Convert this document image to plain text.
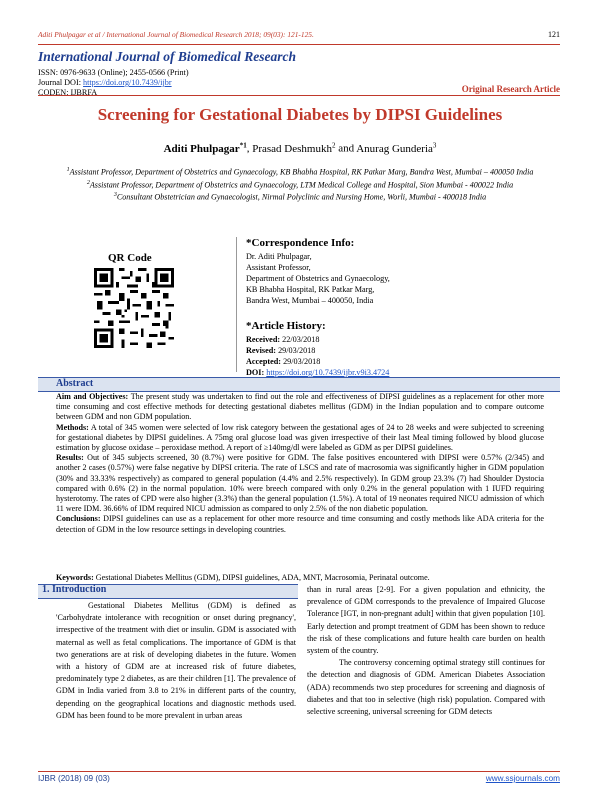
Aditi Phulpagar et al / International Journal of Biomedical Research 2018; 09(03): 121-125.	121
International Journal of Biomedical Research
ISSN: 0976-9633 (Online); 2455-0566 (Print)
Journal DOI: https://doi.org/10.7439/ijbr
CODEN: IJBRFA	Original Research Article
Screening for Gestational Diabetes by DIPSI Guidelines
Aditi Phulpagar$^{*1}$, Prasad Deshmukh$^2$ and Anurag Gunderia$^3$
$^1$Assistant Professor, Department of Obstetrics and Gynaecology, KB Bhabha Hospital, RK Patkar Marg, Bandra West, Mumbai – 400050 India
$^2$Assistant Professor, Department of Obstetrics and Gynaecology, LTM Medical College and Hospital, Sion Mumbai - 400022 India
$^3$Consultant Obstetrician and Gynaecologist, Nirmal Polyclinic and Nursing Home, Worli, Mumbai - 400018 India
QR Code
*Correspondence Info:
Dr. Aditi Phulpagar,
Assistant Professor,
Department of Obstetrics and Gynaecology,
KB Bhabha Hospital, RK Patkar Marg,
Bandra West, Mumbai – 400050, India
*Article History:
Received: 22/03/2018
Revised: 29/03/2018
Accepted: 29/03/2018
DOI: https://doi.org/10.7439/ijbr.v9i3.4724
Abstract

Aim and Objectives: The present study was undertaken to find out the role and effectiveness of DIPSI guidelines as a replacement for other more time consuming and cost effective methods for detecting gestational diabetes mellitus (GDM) in the Indian population and to compare outcome between GDM and non GDM population.

Methods: A total of 345 women were selected of low risk category between the gestational ages of 24 to 28 weeks and were subjected to screening for gestational diabetes by DIPSI guidelines. A 75mg oral glucose load was given irrespective of their last Meal timing followed by blood glucose estimation by glucose oxidase – peroxidase method. A report of ≥140mg/dl were labeled as GDM as per DIPSI guidelines.

Results: Out of 345 subjects screened, 30 (8.7%) were positive for GDM. The false positives encountered with DIPSI were 0.57% (2/345) and another 2 cases (0.57%) were false negative by DIPSI criteria. The rate of LSCS and rate of macrosomia was significantly higher in GDM population (30% and 33.33% respectively) as compared to general population (4.4% and 2.5% respectively). In GDM group 23.3% (7) had Shoulder Dystocia compared with 0.6% (2) in the normal population. 10% were breech compared with only 0.2% in the general population with 1 IUFD requiring hysterotomy. The rates of CPD were also higher (3.3%) than the general population (1.5%). A total of 19 neonates required NICU admission of which 11 were IDM. 36.66% of IDM required NICU admission as compared to only 2.5% of the non diabetic population.

Conclusions: DIPSI guidelines can use as a replacement for other more resource and time consuming and costly methods like ADA criteria for the detection of GDM in the low resource settings in developing countries.

Keywords: Gestational Diabetes Mellitus (GDM), DIPSI guidelines, ADA, MNT, Macrosomia, Perinatal outcome.
1. Introduction

Gestational Diabetes Mellitus (GDM) is defined as 'Carbohydrate intolerance with recognition or onset during pregnancy', irrespective of the treatment with diet or insulin. GDM is associated with maternal as well as fetal complications. The importance of GDM is that two generations are at risk of developing diabetes in the future. Women with a history of GDM are at increased risk of future diabetes, predominately type 2 diabetes, as are their children [1]. The prevalence of GDM in India varied from 3.8 to 21% in different parts of the country, depending on the geographical locations and diagnostic methods used. GDM has been found to be more prevalent in urban areas

than in rural areas [2-9]. For a given population and ethnicity, the prevalence of GDM corresponds to the prevalence of Impaired Glucose Tolerance [IGT, in non-pregnant adult] within that given population [10]. Early detection and prompt treatment of GDM has been shown to reduce the risk of these complications and future health care burden on health system of the country.

The controversy concerning optimal strategy still continues for the detection and diagnosis of GDM. American Diabetes Association (ADA) recommends two step procedures for screening and diagnosis of diabetes and that too in selective (high risk) population. Compared with selective screening, universal screening for GDM detects

IJBR (2018) 09 (03)	www.ssjournals.com
